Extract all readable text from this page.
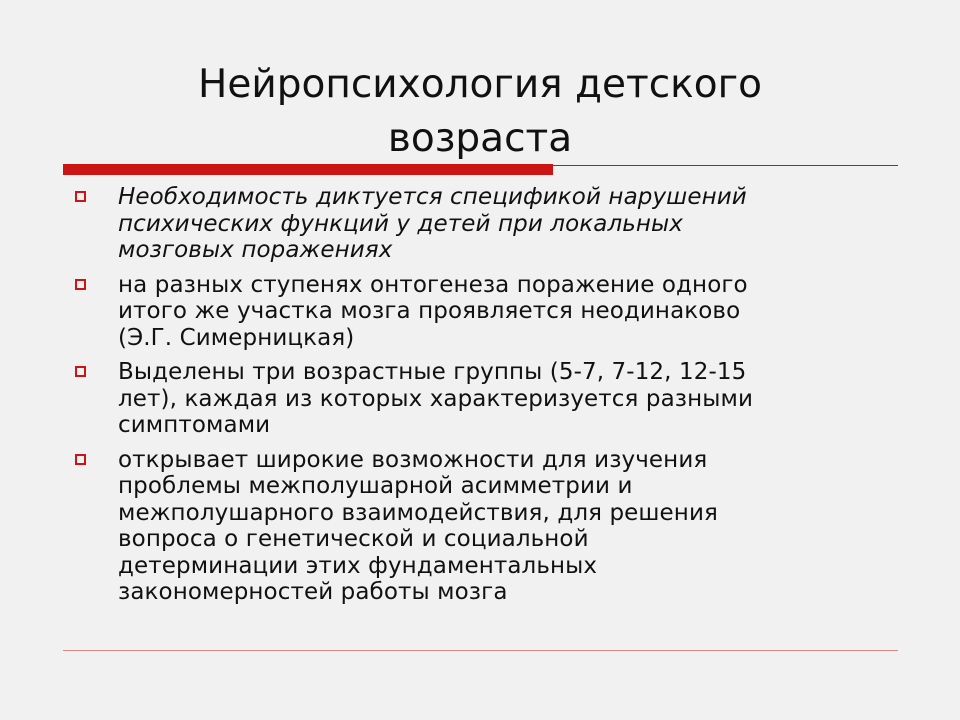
Нейропсихология детского
возраста
Необходимость диктуется спецификой нарушений
психических функций у детей при локальных
мозговых поражениях
на разных ступенях онтогенеза поражение одного
итого же участка мозга проявляется неодинаково
(Э.Г. Симерницкая)
Выделены три возрастные группы (5-7, 7-12, 12-15
лет), каждая из которых характеризуется разными
симптомами
открывает широкие возможности для изучения
проблемы межполушарной асимметрии и
межполушарного взаимодействия, для решения
вопроса о генетической и социальной
детерминации этих фундаментальных
закономерностей работы мозга
